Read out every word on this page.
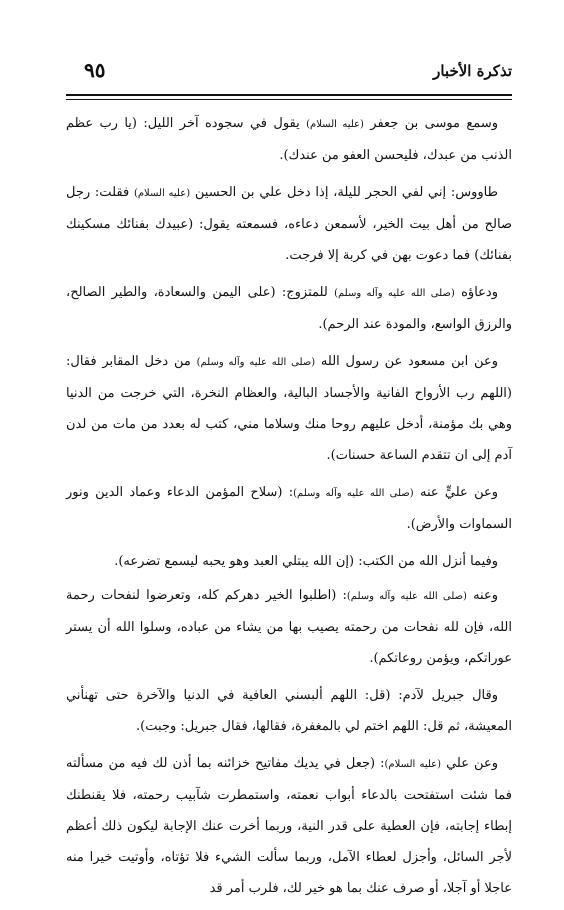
تذكرة الأخبار
٩٥

وسمع موسى بن جعفر (عليه السلام) يقول في سجوده آخر الليل: (يا رب عظم الذنب من عبدك، فليحسن العفو من عندك).

طاووس: إني لفي الحجر لليلة، إذا دخل علي بن الحسين (عليه السلام) فقلت: رجل صالح من أهل بيت الخير، لأسمعن دعاءه، فسمعته يقول: (عبيدك بفنائك مسكينك بفنائك) فما دعوت بهن في كربة إلا فرجت.

ودعاؤه (صلى الله عليه وآله وسلم) للمتزوج: (على اليمن والسعادة، والطير الصالح، والرزق الواسع، والمودة عند الرحم).

وعن ابن مسعود عن رسول الله (صلى الله عليه وآله وسلم) من دخل المقابر فقال: (اللهم رب الأرواح الفانية والأجساد البالية، والعظام النخرة، التي خرجت من الدنيا وهي بك مؤمنة، أدخل عليهم روحا منك وسلاما مني، كتب له بعدد من مات من لدن آدم إلى ان تتقدم الساعة حسنات).

وعن عليٍّ عنه (صلى الله عليه وآله وسلم): (سلاح المؤمن الدعاء وعماد الدين ونور السماوات والأرض).

وفيما أنزل الله من الكتب: (إن الله يبتلي العبد وهو يحبه ليسمع تضرعه).

وعنه (صلى الله عليه وآله وسلم): (اطلبوا الخير دهركم كله، وتعرضوا لنفحات رحمة الله، فإن لله نفحات من رحمته يصيب بها من يشاء من عباده، وسلوا الله أن يستر عوراتكم، ويؤمن روعاتكم).

وقال جبريل لآدم: (قل: اللهم ألبسني العافية في الدنيا والآخرة حتى تهنأني المعيشة، ثم قل: اللهم اختم لي بالمغفرة، فقالها، فقال جبريل: وجبت).

وعن علي (عليه السلام): (جعل في يديك مفاتيح خزائنه بما أذن لك فيه من مسألته فما شئت استفتحت بالدعاء أبواب نعمته، واستمطرت شآبيب رحمته، فلا يقنطنك إبطاء إجابته، فإن العطية على قدر النية، وربما أخرت عنك الإجابة ليكون ذلك أعظم لأجر السائل، وأجزل لعطاء الآمل، وربما سألت الشيء فلا تؤتاه، وأوتيت خيرا منه عاجلا أو آجلا، أو صرف عنك بما هو خير لك، فلرب أمر قد
